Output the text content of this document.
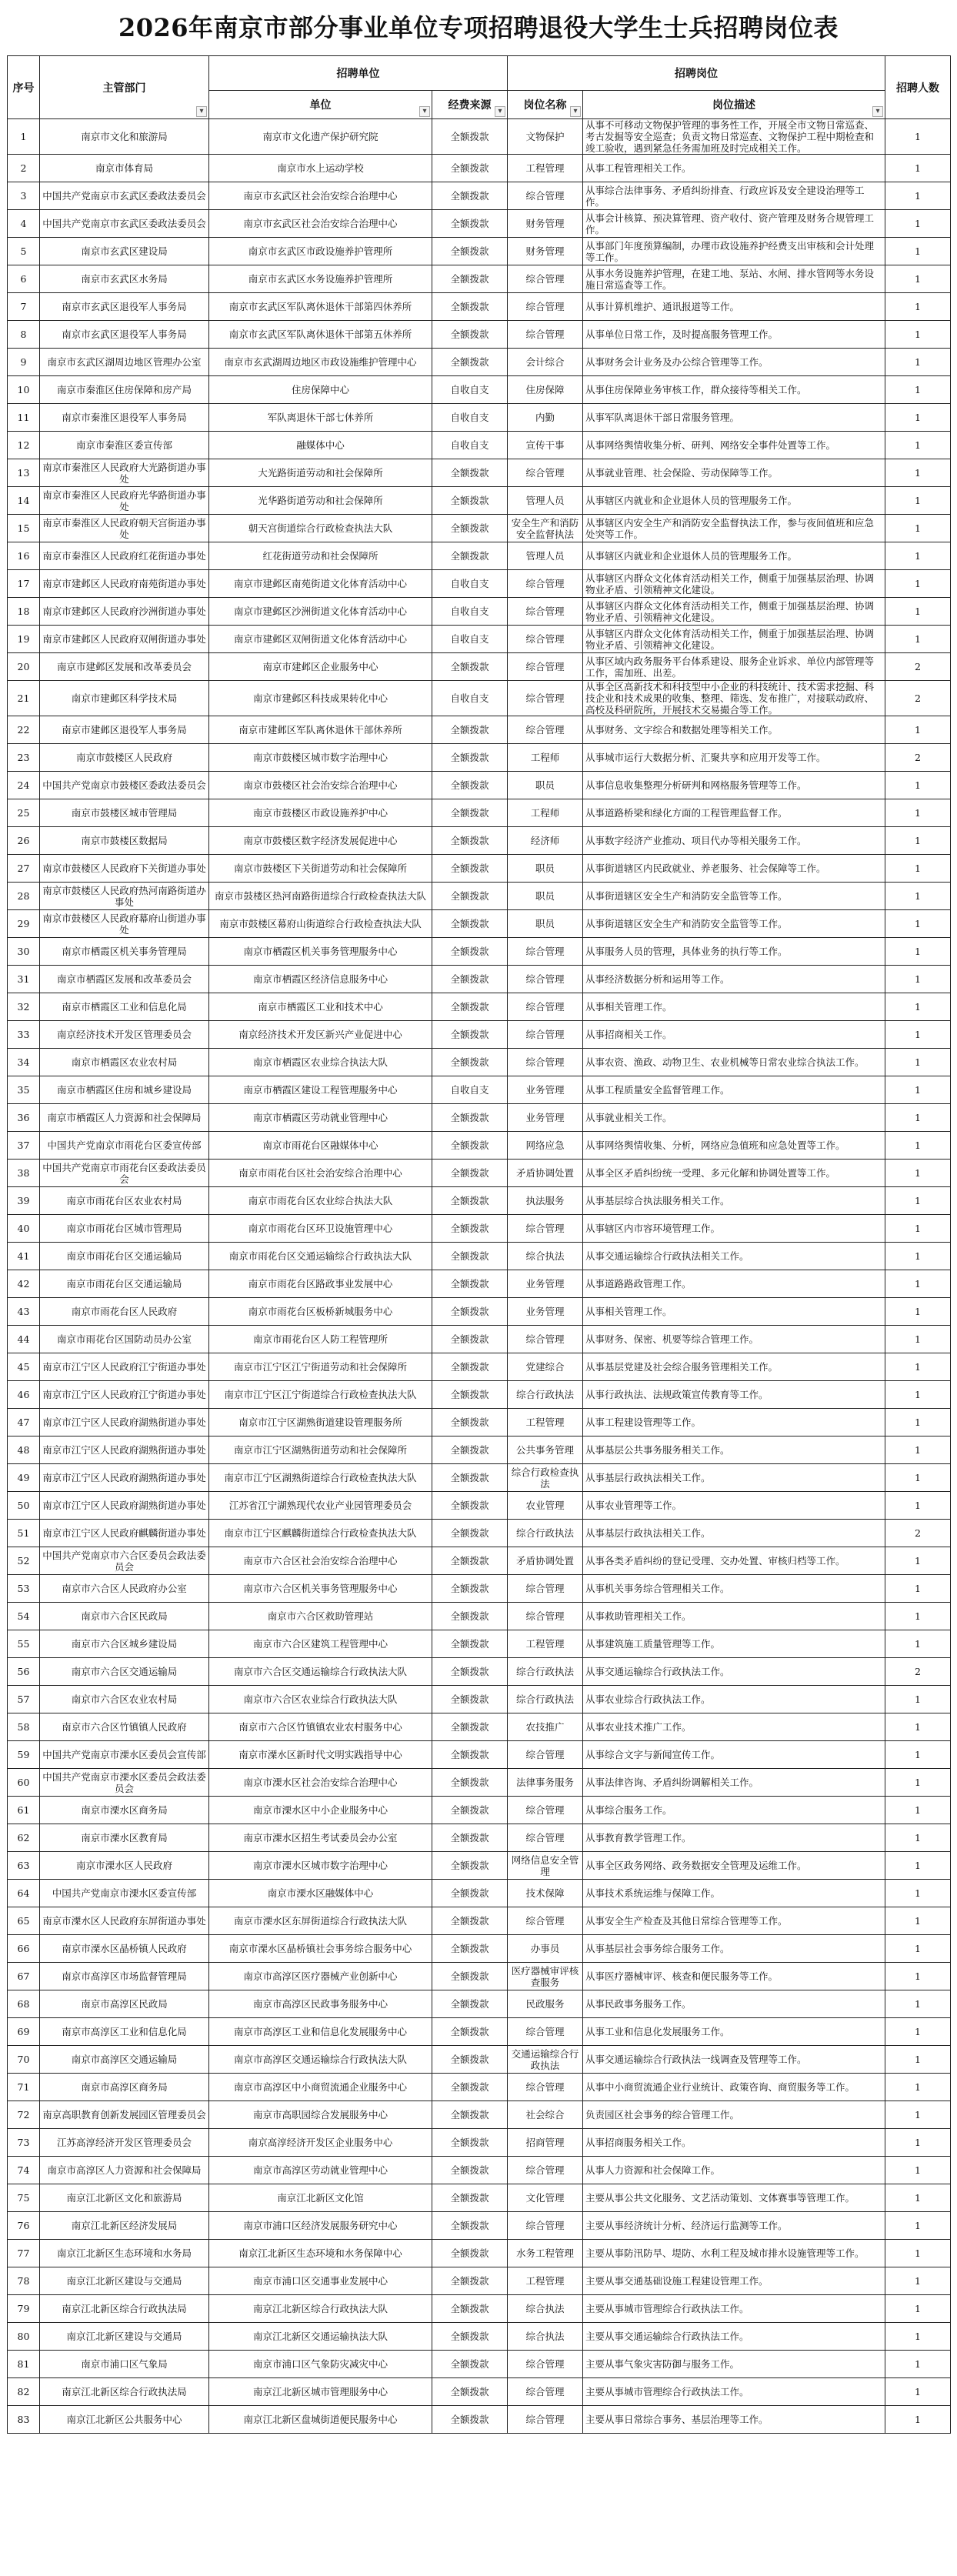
2026年南京市部分事业单位专项招聘退役大学生士兵招聘岗位表
序号	主管部门 ▾	招聘单位		招聘岗位		招聘人数
		单位 ▾	经费来源 ▾	岗位名称 ▾	岗位描述 ▾
1	南京市文化和旅游局	南京市文化遗产保护研究院	全额拨款	文物保护	从事不可移动文物保护管理的事务性工作，开展全市文物日常巡查、考古发掘等安全巡查；负责文物日常巡查、文物保护工程中期检查和竣工验收，遇到紧急任务需加班及时完成相关工作。	1
2	南京市体育局	南京市水上运动学校	全额拨款	工程管理	从事工程管理相关工作。	1
3	中国共产党南京市玄武区委政法委员会	南京市玄武区社会治安综合治理中心	全额拨款	综合管理	从事综合法律事务、矛盾纠纷排查、行政应诉及安全建设治理等工作。	1
4	中国共产党南京市玄武区委政法委员会	南京市玄武区社会治安综合治理中心	全额拨款	财务管理	从事会计核算、预决算管理、资产收付、资产管理及财务合规管理工作。	1
5	南京市玄武区建设局	南京市玄武区市政设施养护管理所	全额拨款	财务管理	从事部门年度预算编制，办理市政设施养护经费支出审核和会计处理等工作。	1
6	南京市玄武区水务局	南京市玄武区水务设施养护管理所	全额拨款	综合管理	从事水务设施养护管理，在建工地、泵站、水闸、排水管网等水务设施日常巡查等工作。	1
7	南京市玄武区退役军人事务局	南京市玄武区军队离休退休干部第四休养所	全额拨款	综合管理	从事计算机维护、通讯报道等工作。	1
8	南京市玄武区退役军人事务局	南京市玄武区军队离休退休干部第五休养所	全额拨款	综合管理	从事单位日常工作，及时提高服务管理工作。	1
9	南京市玄武区湖周边地区管理办公室	南京市玄武湖周边地区市政设施维护管理中心	全额拨款	会计综合	从事财务会计业务及办公综合管理等工作。	1
10	南京市秦淮区住房保障和房产局	住房保障中心	自收自支	住房保障	从事住房保障业务审核工作，群众接待等相关工作。	1
11	南京市秦淮区退役军人事务局	军队离退休干部七休养所	自收自支	内勤	从事军队离退休干部日常服务管理。	1
12	南京市秦淮区委宣传部	融媒体中心	自收自支	宣传干事	从事网络舆情收集分析、研判、网络安全事件处置等工作。	1
13	南京市秦淮区人民政府大光路街道办事处	大光路街道劳动和社会保障所	全额拨款	综合管理	从事就业管理、社会保险、劳动保障等工作。	1
14	南京市秦淮区人民政府光华路街道办事处	光华路街道劳动和社会保障所	全额拨款	管理人员	从事辖区内就业和企业退休人员的管理服务工作。	1
15	南京市秦淮区人民政府朝天宫街道办事处	朝天宫街道综合行政检查执法大队	全额拨款	安全生产和消防安全监督执法	从事辖区内安全生产和消防安全监督执法工作，参与夜间值班和应急处突等工作。	1
16	南京市秦淮区人民政府红花街道办事处	红花街道劳动和社会保障所	全额拨款	管理人员	从事辖区内就业和企业退休人员的管理服务工作。	1
17	南京市建邺区人民政府南苑街道办事处	南京市建邺区南苑街道文化体育活动中心	自收自支	综合管理	从事辖区内群众文化体育活动相关工作，侧重于加强基层治理、协调物业矛盾、引领精神文化建设。	1
18	南京市建邺区人民政府沙洲街道办事处	南京市建邺区沙洲街道文化体育活动中心	自收自支	综合管理	从事辖区内群众文化体育活动相关工作，侧重于加强基层治理、协调物业矛盾、引领精神文化建设。	1
19	南京市建邺区人民政府双闸街道办事处	南京市建邺区双闸街道文化体育活动中心	自收自支	综合管理	从事辖区内群众文化体育活动相关工作，侧重于加强基层治理、协调物业矛盾、引领精神文化建设。	1
20	南京市建邺区发展和改革委员会	南京市建邺区企业服务中心	全额拨款	综合管理	从事区域内政务服务平台体系建设、服务企业诉求、单位内部管理等工作，需加班、出差。	2
21	南京市建邺区科学技术局	南京市建邺区科技成果转化中心	自收自支	综合管理	从事全区高新技术和科技型中小企业的科技统计、技术需求挖掘、科技企业和技术成果的收集、整理、筛选、发布推广，对接联动政府、高校及科研院所，开展技术交易撮合等工作。	2
22	南京市建邺区退役军人事务局	南京市建邺区军队离休退休干部休养所	全额拨款	综合管理	从事财务、文字综合和数据处理等相关工作。	1
23	南京市鼓楼区人民政府	南京市鼓楼区城市数字治理中心	全额拨款	工程师	从事城市运行大数据分析、汇聚共享和应用开发等工作。	2
24	中国共产党南京市鼓楼区委政法委员会	南京市鼓楼区社会治安综合治理中心	全额拨款	职员	从事信息收集整理分析研判和网格服务管理等工作。	1
25	南京市鼓楼区城市管理局	南京市鼓楼区市政设施养护中心	全额拨款	工程师	从事道路桥梁和绿化方面的工程管理监督工作。	1
26	南京市鼓楼区数据局	南京市鼓楼区数字经济发展促进中心	全额拨款	经济师	从事数字经济产业推动、项目代办等相关服务工作。	1
27	南京市鼓楼区人民政府下关街道办事处	南京市鼓楼区下关街道劳动和社会保障所	全额拨款	职员	从事街道辖区内民政就业、养老服务、社会保障等工作。	1
28	南京市鼓楼区人民政府热河南路街道办事处	南京市鼓楼区热河南路街道综合行政检查执法大队	全额拨款	职员	从事街道辖区安全生产和消防安全监管等工作。	1
29	南京市鼓楼区人民政府幕府山街道办事处	南京市鼓楼区幕府山街道综合行政检查执法大队	全额拨款	职员	从事街道辖区安全生产和消防安全监管等工作。	1
30	南京市栖霞区机关事务管理局	南京市栖霞区机关事务管理服务中心	全额拨款	综合管理	从事服务人员的管理，具体业务的执行等工作。	1
31	南京市栖霞区发展和改革委员会	南京市栖霞区经济信息服务中心	全额拨款	综合管理	从事经济数据分析和运用等工作。	1
32	南京市栖霞区工业和信息化局	南京市栖霞区工业和技术中心	全额拨款	综合管理	从事相关管理工作。	1
33	南京经济技术开发区管理委员会	南京经济技术开发区新兴产业促进中心	全额拨款	综合管理	从事招商相关工作。	1
34	南京市栖霞区农业农村局	南京市栖霞区农业综合执法大队	全额拨款	综合管理	从事农资、渔政、动物卫生、农业机械等日常农业综合执法工作。	1
35	南京市栖霞区住房和城乡建设局	南京市栖霞区建设工程管理服务中心	自收自支	业务管理	从事工程质量安全监督管理工作。	1
36	南京市栖霞区人力资源和社会保障局	南京市栖霞区劳动就业管理中心	全额拨款	业务管理	从事就业相关工作。	1
37	中国共产党南京市雨花台区委宣传部	南京市雨花台区融媒体中心	全额拨款	网络应急	从事网络舆情收集、分析，网络应急值班和应急处置等工作。	1
38	中国共产党南京市雨花台区委政法委员会	南京市雨花台区社会治安综合治理中心	全额拨款	矛盾协调处置	从事全区矛盾纠纷统一受理、多元化解和协调处置等工作。	1
39	南京市雨花台区农业农村局	南京市雨花台区农业综合执法大队	全额拨款	执法服务	从事基层综合执法服务相关工作。	1
40	南京市雨花台区城市管理局	南京市雨花台区环卫设施管理中心	全额拨款	综合管理	从事辖区内市容环境管理工作。	1
41	南京市雨花台区交通运输局	南京市雨花台区交通运输综合行政执法大队	全额拨款	综合执法	从事交通运输综合行政执法相关工作。	1
42	南京市雨花台区交通运输局	南京市雨花台区路政事业发展中心	全额拨款	业务管理	从事道路路政管理工作。	1
43	南京市雨花台区人民政府	南京市雨花台区板桥新城服务中心	全额拨款	业务管理	从事相关管理工作。	1
44	南京市雨花台区国防动员办公室	南京市雨花台区人防工程管理所	全额拨款	综合管理	从事财务、保密、机要等综合管理工作。	1
45	南京市江宁区人民政府江宁街道办事处	南京市江宁区江宁街道劳动和社会保障所	全额拨款	党建综合	从事基层党建及社会综合服务管理相关工作。	1
46	南京市江宁区人民政府江宁街道办事处	南京市江宁区江宁街道综合行政检查执法大队	全额拨款	综合行政执法	从事行政执法、法规政策宣传教育等工作。	1
47	南京市江宁区人民政府湖熟街道办事处	南京市江宁区湖熟街道建设管理服务所	全额拨款	工程管理	从事工程建设管理等工作。	1
48	南京市江宁区人民政府湖熟街道办事处	南京市江宁区湖熟街道劳动和社会保障所	全额拨款	公共事务管理	从事基层公共事务服务相关工作。	1
49	南京市江宁区人民政府湖熟街道办事处	南京市江宁区湖熟街道综合行政检查执法大队	全额拨款	综合行政检查执法	从事基层行政执法相关工作。	1
50	南京市江宁区人民政府湖熟街道办事处	江苏省江宁湖熟现代农业产业园管理委员会	全额拨款	农业管理	从事农业管理等工作。	1
51	南京市江宁区人民政府麒麟街道办事处	南京市江宁区麒麟街道综合行政检查执法大队	全额拨款	综合行政执法	从事基层行政执法相关工作。	2
52	中国共产党南京市六合区委员会政法委员会	南京市六合区社会治安综合治理中心	全额拨款	矛盾协调处置	从事各类矛盾纠纷的登记受理、交办处置、审核归档等工作。	1
53	南京市六合区人民政府办公室	南京市六合区机关事务管理服务中心	全额拨款	综合管理	从事机关事务综合管理相关工作。	1
54	南京市六合区民政局	南京市六合区救助管理站	全额拨款	综合管理	从事救助管理相关工作。	1
55	南京市六合区城乡建设局	南京市六合区建筑工程管理中心	全额拨款	工程管理	从事建筑施工质量管理等工作。	1
56	南京市六合区交通运输局	南京市六合区交通运输综合行政执法大队	全额拨款	综合行政执法	从事交通运输综合行政执法工作。	2
57	南京市六合区农业农村局	南京市六合区农业综合行政执法大队	全额拨款	综合行政执法	从事农业综合行政执法工作。	1
58	南京市六合区竹镇镇人民政府	南京市六合区竹镇镇农业农村服务中心	全额拨款	农技推广	从事农业技术推广工作。	1
59	中国共产党南京市溧水区委员会宣传部	南京市溧水区新时代文明实践指导中心	全额拨款	综合管理	从事综合文字与新闻宣传工作。	1
60	中国共产党南京市溧水区委员会政法委员会	南京市溧水区社会治安综合治理中心	全额拨款	法律事务服务	从事法律咨询、矛盾纠纷调解相关工作。	1
61	南京市溧水区商务局	南京市溧水区中小企业服务中心	全额拨款	综合管理	从事综合服务工作。	1
62	南京市溧水区教育局	南京市溧水区招生考试委员会办公室	全额拨款	综合管理	从事教育教学管理工作。	1
63	南京市溧水区人民政府	南京市溧水区城市数字治理中心	全额拨款	网络信息安全管理	从事全区政务网络、政务数据安全管理及运维工作。	1
64	中国共产党南京市溧水区委宣传部	南京市溧水区融媒体中心	全额拨款	技术保障	从事技术系统运维与保障工作。	1
65	南京市溧水区人民政府东屏街道办事处	南京市溧水区东屏街道综合行政执法大队	全额拨款	综合管理	从事安全生产检查及其他日常综合管理等工作。	1
66	南京市溧水区晶桥镇人民政府	南京市溧水区晶桥镇社会事务综合服务中心	全额拨款	办事员	从事基层社会事务综合服务工作。	1
67	南京市高淳区市场监督管理局	南京市高淳区医疗器械产业创新中心	全额拨款	医疗器械审评核查服务	从事医疗器械审评、核查和便民服务等工作。	1
68	南京市高淳区民政局	南京市高淳区民政事务服务中心	全额拨款	民政服务	从事民政事务服务工作。	1
69	南京市高淳区工业和信息化局	南京市高淳区工业和信息化发展服务中心	全额拨款	综合管理	从事工业和信息化发展服务工作。	1
70	南京市高淳区交通运输局	南京市高淳区交通运输综合行政执法大队	全额拨款	交通运输综合行政执法	从事交通运输综合行政执法一线调查及管理等工作。	1
71	南京市高淳区商务局	南京市高淳区中小商贸流通企业服务中心	全额拨款	综合管理	从事中小商贸流通企业行业统计、政策咨询、商贸服务等工作。	1
72	南京高职教育创新发展园区管理委员会	南京市高职园综合发展服务中心	全额拨款	社会综合	负责园区社会事务的综合管理工作。	1
73	江苏高淳经济开发区管理委员会	南京高淳经济开发区企业服务中心	全额拨款	招商管理	从事招商服务相关工作。	1
74	南京市高淳区人力资源和社会保障局	南京市高淳区劳动就业管理中心	全额拨款	综合管理	从事人力资源和社会保障工作。	1
75	南京江北新区文化和旅游局	南京江北新区文化馆	全额拨款	文化管理	主要从事公共文化服务、文艺活动策划、文体赛事等管理工作。	1
76	南京江北新区经济发展局	南京市浦口区经济发展服务研究中心	全额拨款	综合管理	主要从事经济统计分析、经济运行监测等工作。	1
77	南京江北新区生态环境和水务局	南京江北新区生态环境和水务保障中心	全额拨款	水务工程管理	主要从事防汛防旱、堤防、水利工程及城市排水设施管理等工作。	1
78	南京江北新区建设与交通局	南京市浦口区交通事业发展中心	全额拨款	工程管理	主要从事交通基础设施工程建设管理工作。	1
79	南京江北新区综合行政执法局	南京江北新区综合行政执法大队	全额拨款	综合执法	主要从事城市管理综合行政执法工作。	1
80	南京江北新区建设与交通局	南京江北新区交通运输执法大队	全额拨款	综合执法	主要从事交通运输综合行政执法工作。	1
81	南京市浦口区气象局	南京市浦口区气象防灾减灾中心	全额拨款	综合管理	主要从事气象灾害防御与服务工作。	1
82	南京江北新区综合行政执法局	南京江北新区城市管理服务中心	全额拨款	综合管理	主要从事城市管理综合行政执法工作。	1
83	南京江北新区公共服务中心	南京江北新区盘城街道便民服务中心	全额拨款	综合管理	主要从事日常综合事务、基层治理等工作。	1
